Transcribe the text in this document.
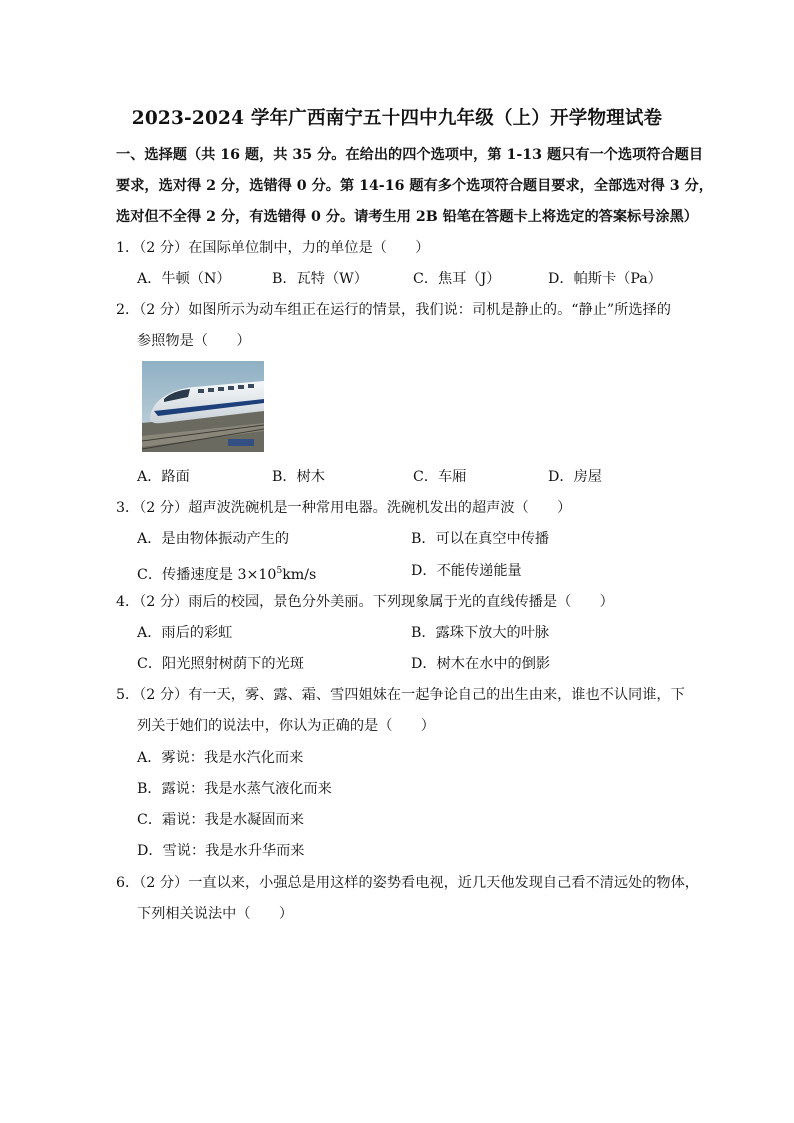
2023-2024 学年广西南宁五十四中九年级（上）开学物理试卷
一、选择题（共 16 题，共 35 分。在给出的四个选项中，第 1-13 题只有一个选项符合题目
要求，选对得 2 分，选错得 0 分。第 14-16 题有多个选项符合题目要求，全部选对得 3 分，
选对但不全得 2 分，有选错得 0 分。请考生用 2B 铅笔在答题卡上将选定的答案标号涂黑）
1．（2 分）在国际单位制中，力的单位是（　　）
A．牛顿（N）	B．瓦特（W）	C．焦耳（J）	D．帕斯卡（Pa）
2．（2 分）如图所示为动车组正在运行的情景，我们说：司机是静止的。“静止”所选择的
参照物是（　　）
A．路面	B．树木	C．车厢	D．房屋
3．（2 分）超声波洗碗机是一种常用电器。洗碗机发出的超声波（　　）
A．是由物体振动产生的	B．可以在真空中传播
C．传播速度是 $3\times 10^5km/s$	D．不能传递能量
4．（2 分）雨后的校园，景色分外美丽。下列现象属于光的直线传播是（　　）
A．雨后的彩虹	B．露珠下放大的叶脉
C．阳光照射树荫下的光斑	D．树木在水中的倒影
5．（2 分）有一天，雾、露、霜、雪四姐妹在一起争论自己的出生由来，谁也不认同谁，下
列关于她们的说法中，你认为正确的是（　　）
A．雾说：我是水汽化而来
B．露说：我是水蒸气液化而来
C．霜说：我是水凝固而来
D．雪说：我是水升华而来
6．（2 分）一直以来，小强总是用这样的姿势看电视，近几天他发现自己看不清远处的物体，
下列相关说法中（　　）
